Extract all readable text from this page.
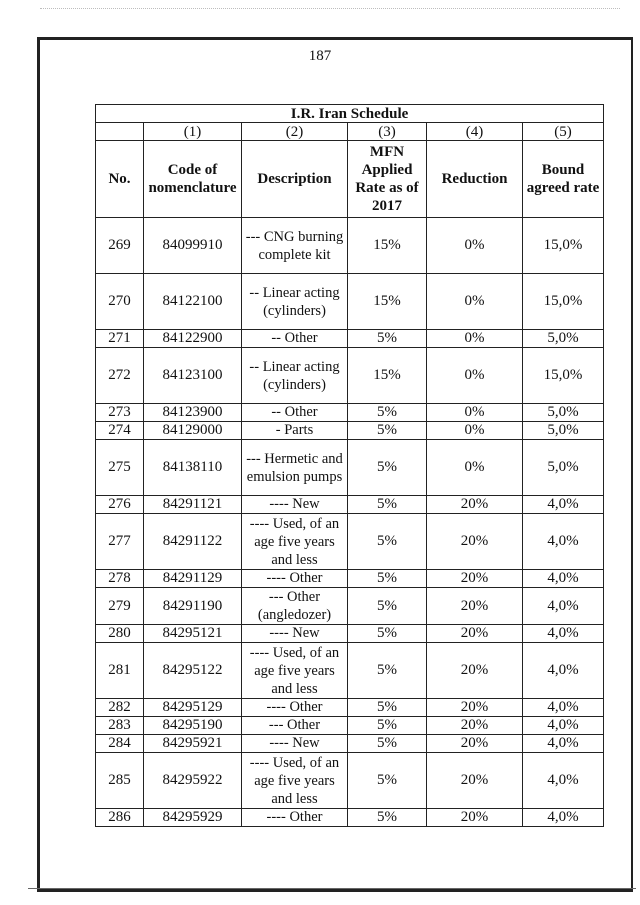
187
I.R. Iran Schedule					
	(1)	(2)	(3)	(4)	(5)
No.	Code of nomenclature	Description	MFN Applied Rate as of 2017	Reduction	Bound agreed rate
269	84099910	--- CNG burning complete kit	15%	0%	15,0%
270	84122100	-- Linear acting (cylinders)	15%	0%	15,0%
271	84122900	-- Other	5%	0%	5,0%
272	84123100	-- Linear acting (cylinders)	15%	0%	15,0%
273	84123900	-- Other	5%	0%	5,0%
274	84129000	- Parts	5%	0%	5,0%
275	84138110	--- Hermetic and emulsion pumps	5%	0%	5,0%
276	84291121	---- New	5%	20%	4,0%
277	84291122	---- Used, of an age five years and less	5%	20%	4,0%
278	84291129	---- Other	5%	20%	4,0%
279	84291190	--- Other (angledozer)	5%	20%	4,0%
280	84295121	---- New	5%	20%	4,0%
281	84295122	---- Used, of an age five years and less	5%	20%	4,0%
282	84295129	---- Other	5%	20%	4,0%
283	84295190	--- Other	5%	20%	4,0%
284	84295921	---- New	5%	20%	4,0%
285	84295922	---- Used, of an age five years and less	5%	20%	4,0%
286	84295929	---- Other	5%	20%	4,0%
